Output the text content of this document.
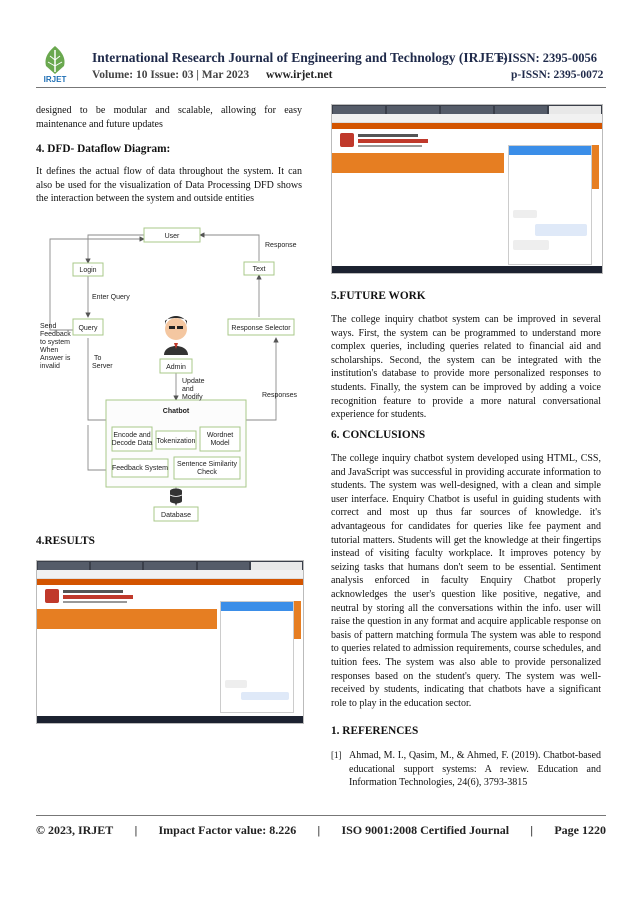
IRJET
International Research Journal of Engineering and Technology (IRJET)
e-ISSN: 2395-0056
Volume: 10 Issue: 03 | Mar 2023 www.irjet.net	p-ISSN: 2395-0072

designed to be modular and scalable, allowing for easy maintenance and future updates

4. DFD- Dataflow Diagram:

It defines the actual flow of data throughout the system. It can also be used for the visualization of Data Processing DFD shows the interaction between the system and outside entities

User
Response
Login	Text
Enter Query
Send
Feedback
to system
When
Answer is
invalid
Query
To
Server
Response Selector
Admin
Update
and
Modify	Responses
Chatbot
Encode and
Decode Data Tokenization
Wordnet
Model
Feedback System
Sentence Similarity
Check
Database
4.RESULTS
5.FUTURE WORK

The college inquiry chatbot system can be improved in several ways. First, the system can be programmed to understand more complex queries, including queries related to financial aid and scholarships. Second, the system can be integrated with the institution's database to provide more personalized responses to students. Finally, the system can be improved by adding a voice recognition feature to provide a more natural conversational experience for students.

6. CONCLUSIONS

The college inquiry chatbot system developed using HTML, CSS, and JavaScript was successful in providing accurate information to students. The system was well-designed, with a clean and simple user interface. Enquiry Chatbot is useful in guiding students with correct and most up thus far sources of knowledge. it's advantageous for candidates for queries like fee payment and tutorial matters. Students will get the knowledge at their fingertips instead of visiting faculty workplace. It improves potency by seizing tasks that humans don't seem to be essential. Sentiment analysis enforced in faculty Enquiry Chatbot properly acknowledges the user's question like positive, negative, and neutral by storing all the conversations within the info. user will raise the question in any format and acquire applicable response on basis of pattern matching formula The system was able to respond to queries related to admission requirements, course schedules, and tuition fees. The system was also able to provide personalized responses based on the student's query. The system was well-received by students, indicating that chatbots have a significant role to play in the education sector.

1. REFERENCES
[1] Ahmad, M. I., Qasim, M., & Ahmed, F. (2019). Chatbot-based educational support systems: A review. Education and Information Technologies, 24(6), 3793-3815
© 2023, IRJET | Impact Factor value: 8.226 | ISO 9001:2008 Certified Journal | Page 1220
